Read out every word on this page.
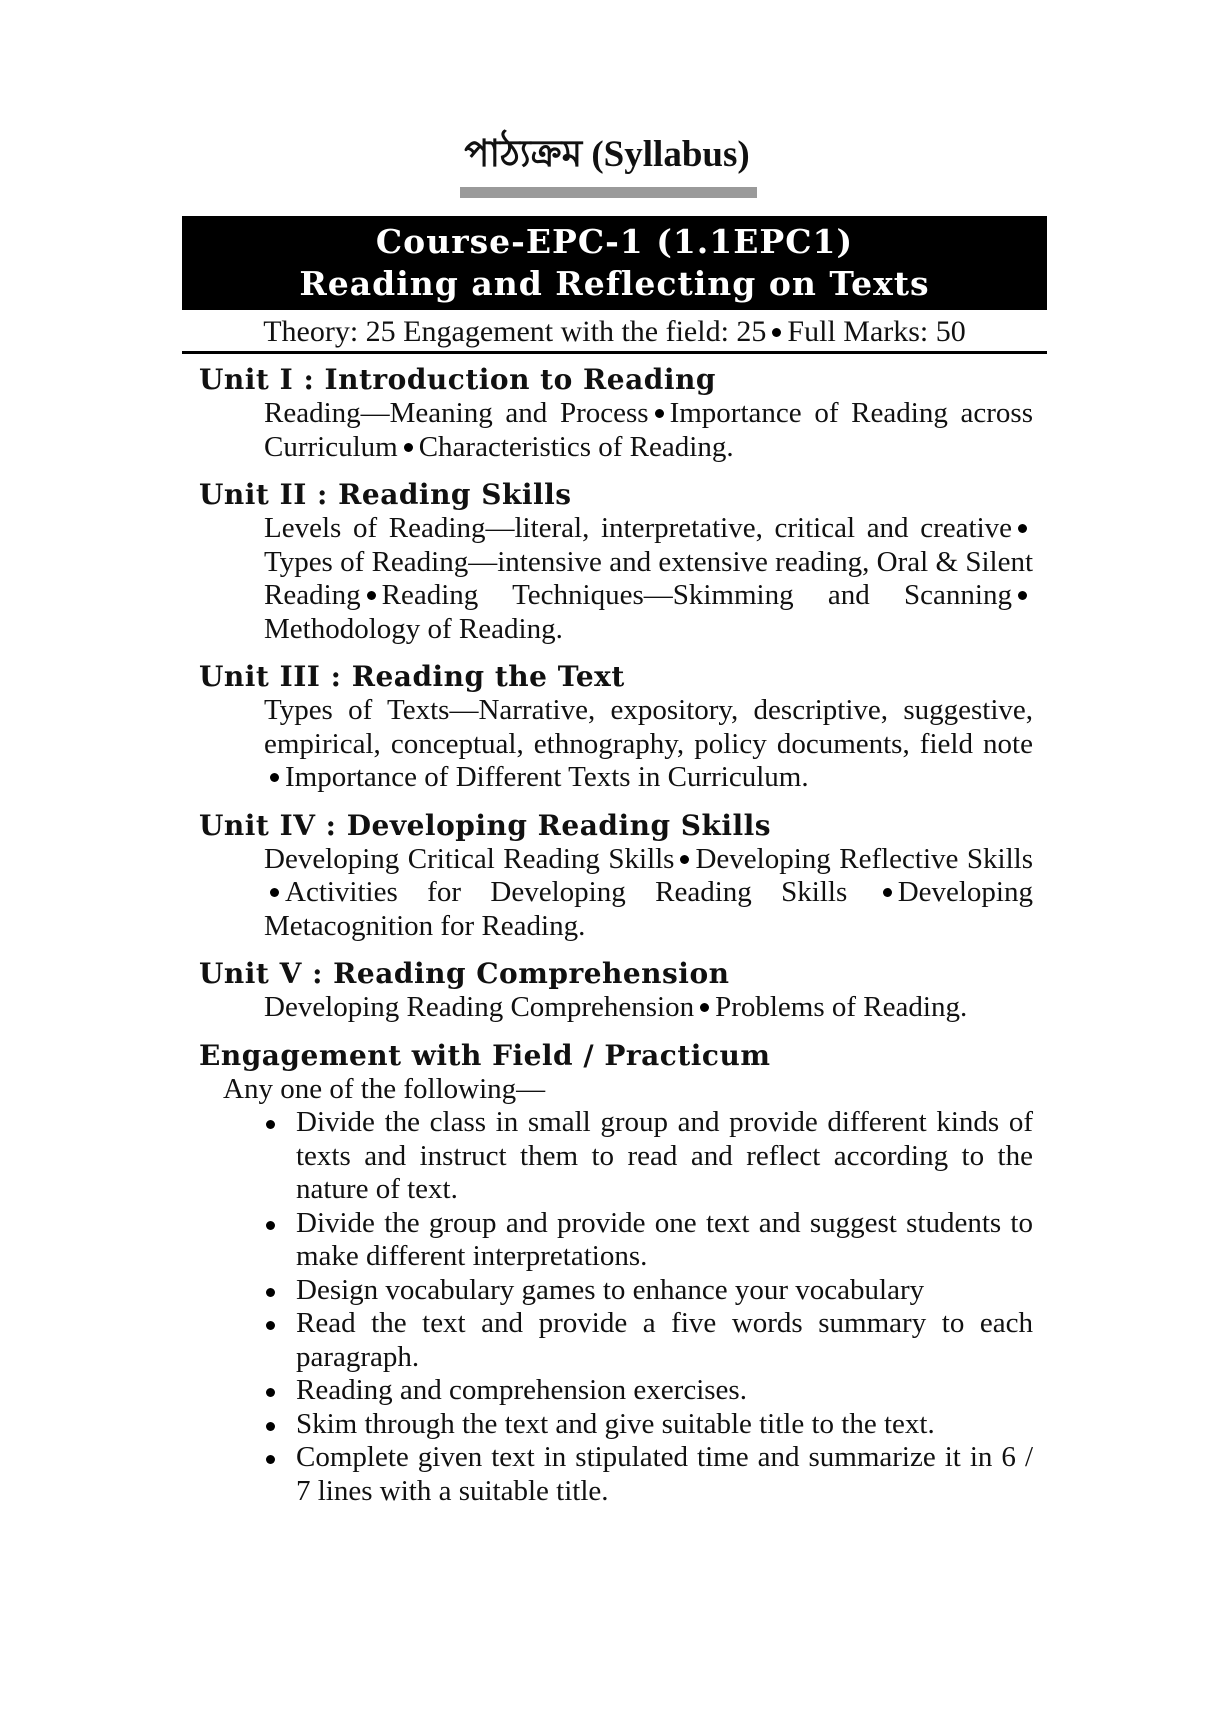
পাঠ্যক্রম (Syllabus)
Course-EPC-1 (1.1EPC1)
Reading and Reflecting on Texts
Theory: 25 Engagement with the field: 25 Full Marks: 50
Unit I : Introduction to Reading
Reading—Meaning and Process Importance of Reading across Curriculum Characteristics of Reading.
Unit II : Reading Skills
Levels of Reading—literal, interpretative, critical and creativeTypes of Reading—intensive and extensive reading, Oral & Silent Reading Reading Techniques—Skimming and ScanningMethodology of Reading.
Unit III : Reading the Text
Types of Texts—Narrative, expository, descriptive, suggestive, empirical, conceptual, ethnography, policy documents, field noteImportance of Different Texts in Curriculum.
Unit IV : Developing Reading Skills
Developing Critical Reading Skills Developing Reflective SkillsActivities for Developing Reading Skills Developing Metacognition for Reading.
Unit V : Reading Comprehension
Developing Reading Comprehension Problems of Reading.
Engagement with Field / Practicum
Any one of the following—
Divide the class in small group and provide different kinds of texts and instruct them to read and reflect according to the nature of text.
Divide the group and provide one text and suggest students to make different interpretations.
Design vocabulary games to enhance your vocabulary
Read the text and provide a five words summary to each paragraph.
Reading and comprehension exercises.
Skim through the text and give suitable title to the text.
Complete given text in stipulated time and summarize it in 6 / 7 lines with a suitable title.
